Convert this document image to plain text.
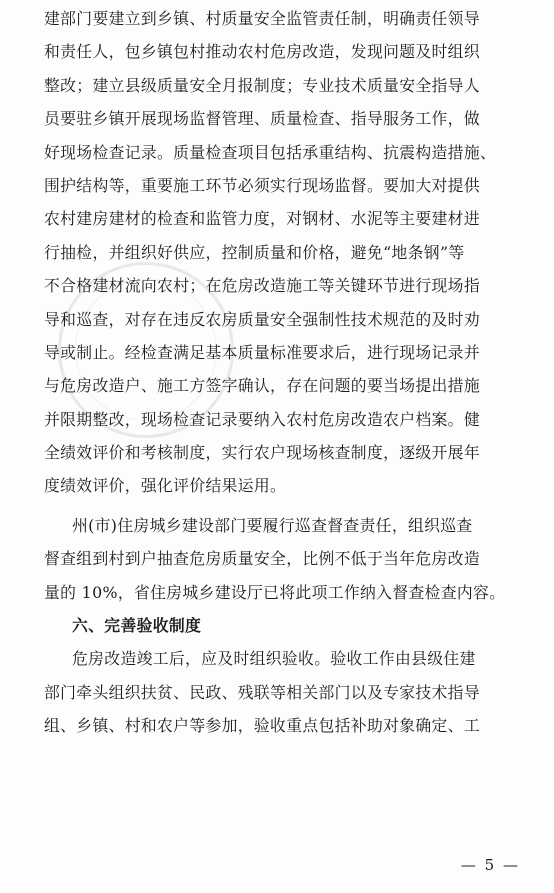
建部门要建立到乡镇、村质量安全监管责任制，明确责任领导
和责任人，包乡镇包村推动农村危房改造，发现问题及时组织
整改；建立县级质量安全月报制度；专业技术质量安全指导人
员要驻乡镇开展现场监督管理、质量检查、指导服务工作，做
好现场检查记录。质量检查项目包括承重结构、抗震构造措施、
围护结构等，重要施工环节必须实行现场监督。要加大对提供
农村建房建材的检查和监管力度，对钢材、水泥等主要建材进
行抽检，并组织好供应，控制质量和价格，避免“地条钢”等
不合格建材流向农村；在危房改造施工等关键环节进行现场指
导和巡查，对存在违反农房质量安全强制性技术规范的及时劝
导或制止。经检查满足基本质量标准要求后，进行现场记录并
与危房改造户、施工方签字确认，存在问题的要当场提出措施
并限期整改，现场检查记录要纳入农村危房改造农户档案。健
全绩效评价和考核制度，实行农户现场核查制度，逐级开展年
度绩效评价，强化评价结果运用。
州(市)住房城乡建设部门要履行巡查督查责任，组织巡查
督查组到村到户抽查危房质量安全，比例不低于当年危房改造
量的 10%，省住房城乡建设厅已将此项工作纳入督查检查内容。
六、完善验收制度
危房改造竣工后，应及时组织验收。验收工作由县级住建
部门牵头组织扶贫、民政、残联等相关部门以及专家技术指导
组、乡镇、村和农户等参加，验收重点包括补助对象确定、工
— 5 —
